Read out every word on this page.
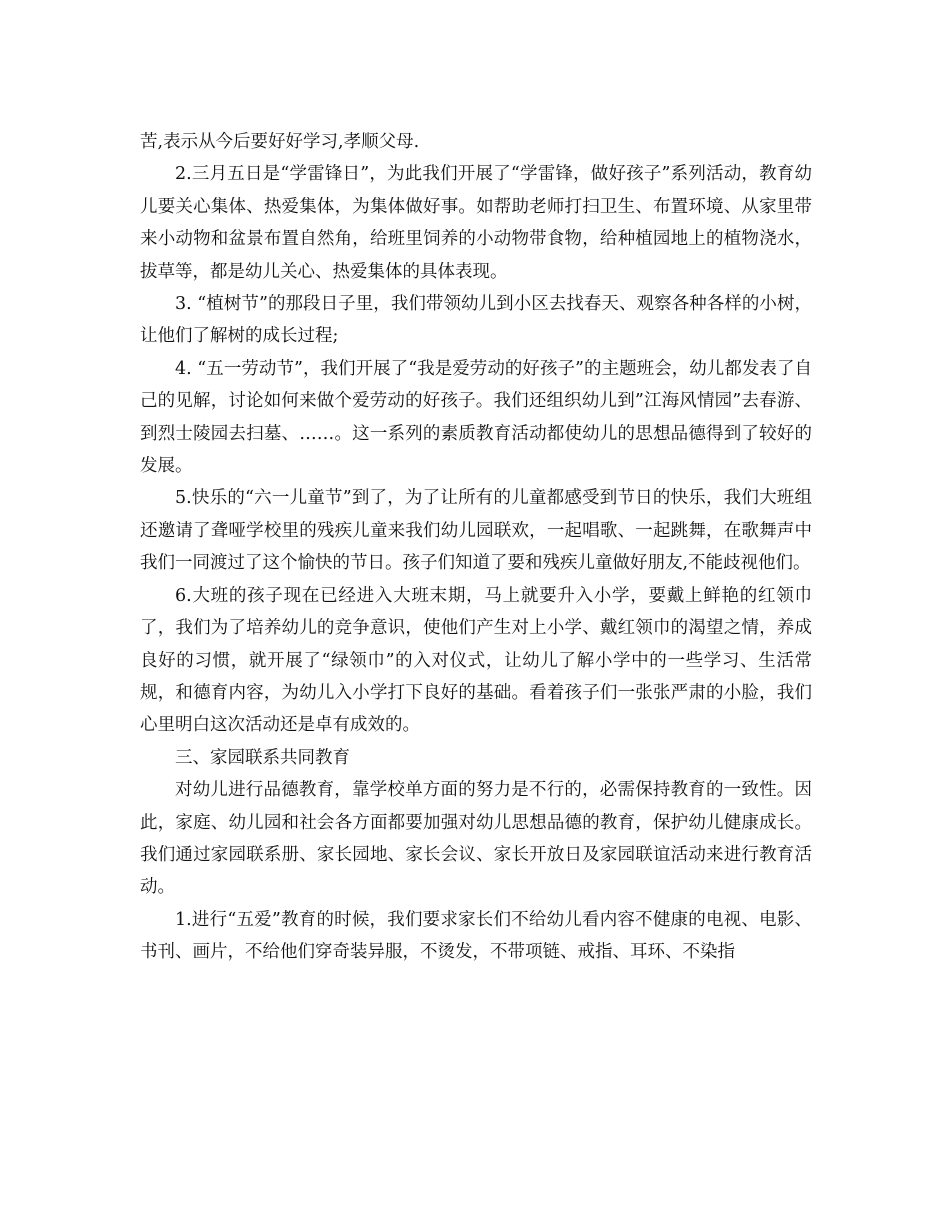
苦,表示从今后要好好学习,孝顺父母.

2.三月五日是“学雷锋日”，为此我们开展了“学雷锋，做好孩子”系列活动，教育幼儿要关心集体、热爱集体，为集体做好事。如帮助老师打扫卫生、布置环境、从家里带来小动物和盆景布置自然角，给班里饲养的小动物带食物，给种植园地上的植物浇水，拔草等，都是幼儿关心、热爱集体的具体表现。

3. “植树节”的那段日子里，我们带领幼儿到小区去找春天、观察各种各样的小树，让他们了解树的成长过程;

4. “五一劳动节”，我们开展了“我是爱劳动的好孩子”的主题班会，幼儿都发表了自己的见解，讨论如何来做个爱劳动的好孩子。我们还组织幼儿到”江海风情园”去春游、到烈士陵园去扫墓、……。这一系列的素质教育活动都使幼儿的思想品德得到了较好的发展。

5.快乐的“六一儿童节”到了，为了让所有的儿童都感受到节日的快乐，我们大班组还邀请了聋哑学校里的残疾儿童来我们幼儿园联欢，一起唱歌、一起跳舞，在歌舞声中我们一同渡过了这个愉快的节日。孩子们知道了要和残疾儿童做好朋友,不能歧视他们。

6.大班的孩子现在已经进入大班末期，马上就要升入小学，要戴上鲜艳的红领巾了，我们为了培养幼儿的竞争意识，使他们产生对上小学、戴红领巾的渴望之情，养成良好的习惯，就开展了“绿领巾”的入对仪式，让幼儿了解小学中的一些学习、生活常规，和德育内容，为幼儿入小学打下良好的基础。看着孩子们一张张严肃的小脸，我们心里明白这次活动还是卓有成效的。

三、家园联系共同教育

对幼儿进行品德教育，靠学校单方面的努力是不行的，必需保持教育的一致性。因此，家庭、幼儿园和社会各方面都要加强对幼儿思想品德的教育，保护幼儿健康成长。我们通过家园联系册、家长园地、家长会议、家长开放日及家园联谊活动来进行教育活动。

1.进行“五爱”教育的时候，我们要求家长们不给幼儿看内容不健康的电视、电影、书刊、画片，不给他们穿奇装异服，不烫发，不带项链、戒指、耳环、不染指
